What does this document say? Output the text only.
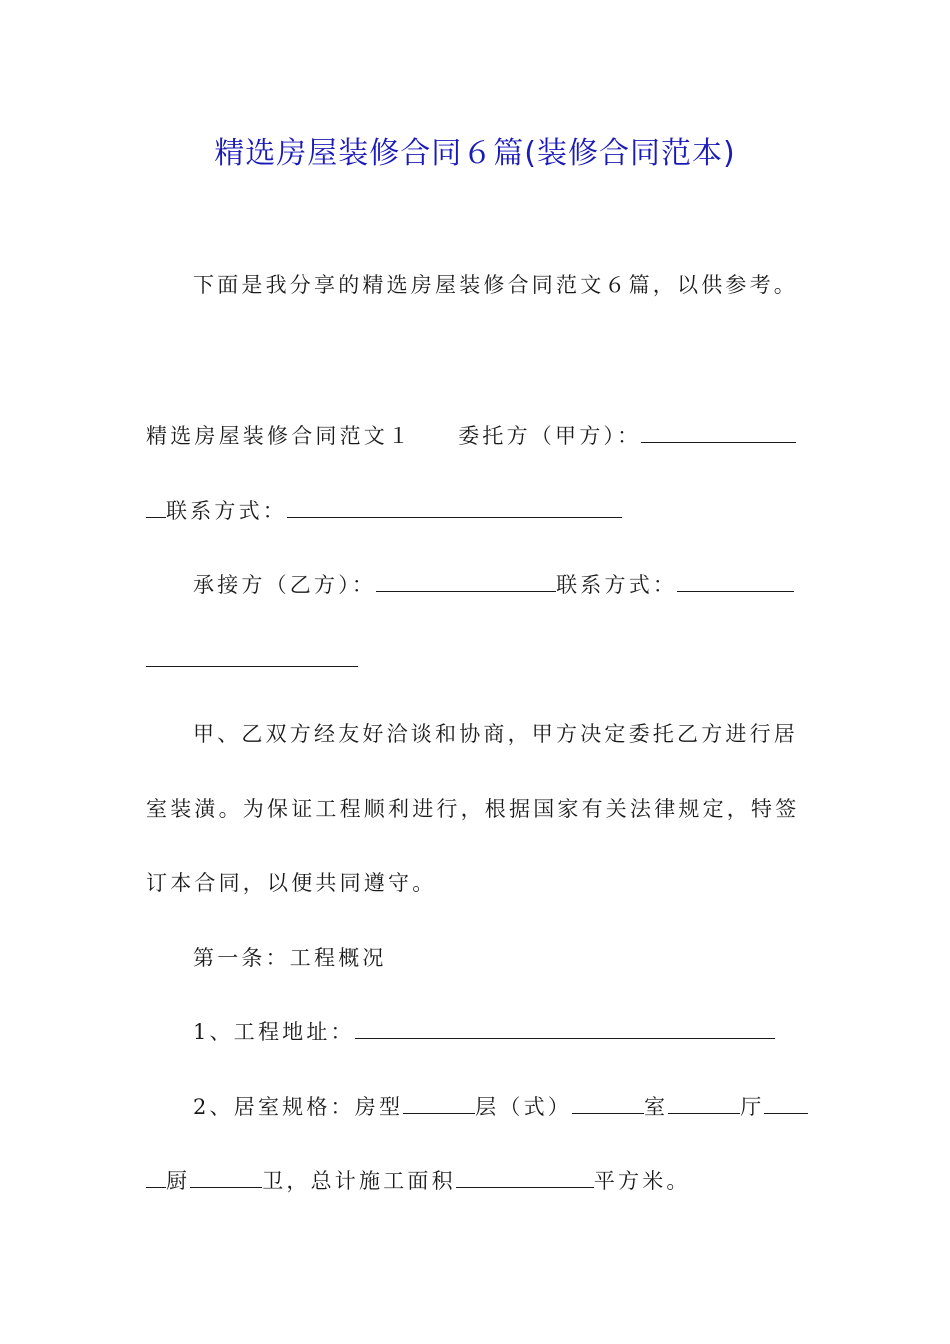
精选房屋装修合同６篇(装修合同范本)
下面是我分享的精选房屋装修合同范文６篇，以供参考。
精选房屋装修合同范文１ 委托方（甲方）：
联系方式：
承接方（乙方）：	联系方式：
甲、乙双方经友好洽谈和协商，甲方决定委托乙方进行居
室装潢。为保证工程顺利进行，根据国家有关法律规定，特签
订本合同，以便共同遵守。
第一条：工程概况
1、工程地址：
2、居室规格：房型	层（式）	室	厅
厨	卫，总计施工面积	平方米。
